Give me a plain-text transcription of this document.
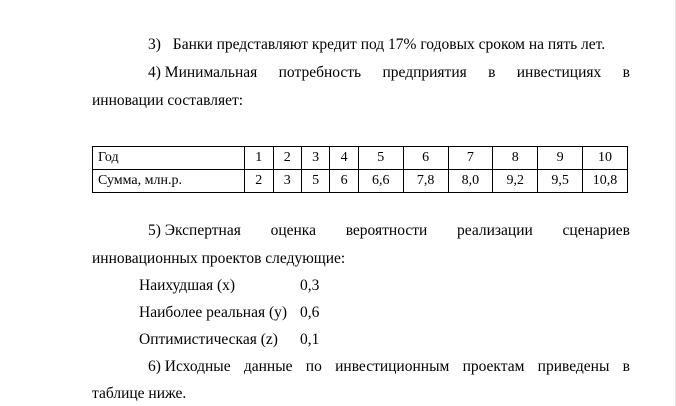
3) Банки представляют кредит под 17% годовых сроком на пять лет.
4) Минимальная потребность предприятия в инвестициях в
инновации составляет:
Год	1	2	3	4	5	6	7	8	9	10
Сумма, млн.р.	2	3	5	6	6,6	7,8	8,0	9,2	9,5	10,8
5) Экспертная оценка вероятности реализации сценариев
инновационных проектов следующие:
Наихудшая (х)	0,3
Наиболее реальная (у) 0,6
Оптимистическая (z) 0,1
6) Исходные данные по инвестиционным проектам приведены в
таблице ниже.
